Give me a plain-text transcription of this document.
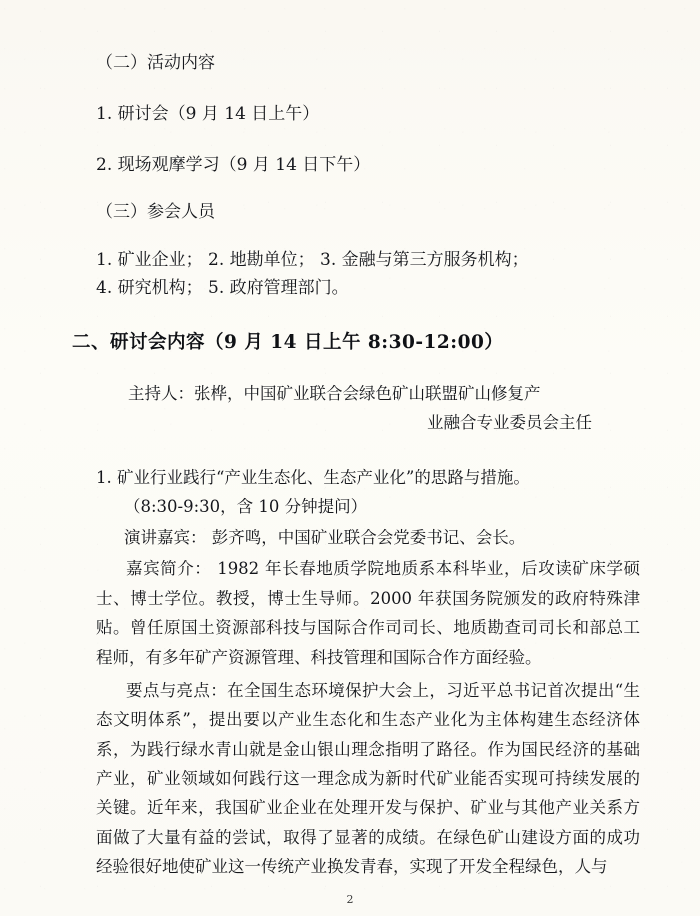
（二）活动内容
1. 研讨会（9 月 14 日上午）
2. 现场观摩学习（9 月 14 日下午）
（三）参会人员
1. 矿业企业； 2. 地勘单位； 3. 金融与第三方服务机构；
4. 研究机构； 5. 政府管理部门。
二、研讨会内容（9 月 14 日上午 8:30-12:00）
主持人：张桦，中国矿业联合会绿色矿山联盟矿山修复产
业融合专业委员会主任
1. 矿业行业践行“产业生态化、生态产业化”的思路与措施。
（8:30-9:30，含 10 分钟提问）
演讲嘉宾： 彭齐鸣，中国矿业联合会党委书记、会长。
嘉宾简介： 1982 年长春地质学院地质系本科毕业，后攻读矿床学硕士、博士学位。教授，博士生导师。2000 年获国务院颁发的政府特殊津贴。曾任原国土资源部科技与国际合作司司长、地质勘查司司长和部总工程师，有多年矿产资源管理、科技管理和国际合作方面经验。
要点与亮点：在全国生态环境保护大会上，习近平总书记首次提出“生态文明体系”，提出要以产业生态化和生态产业化为主体构建生态经济体系，为践行绿水青山就是金山银山理念指明了路径。作为国民经济的基础产业，矿业领域如何践行这一理念成为新时代矿业能否实现可持续发展的关键。近年来，我国矿业企业在处理开发与保护、矿业与其他产业关系方面做了大量有益的尝试，取得了显著的成绩。在绿色矿山建设方面的成功经验很好地使矿业这一传统产业换发青春，实现了开发全程绿色，人与
2
